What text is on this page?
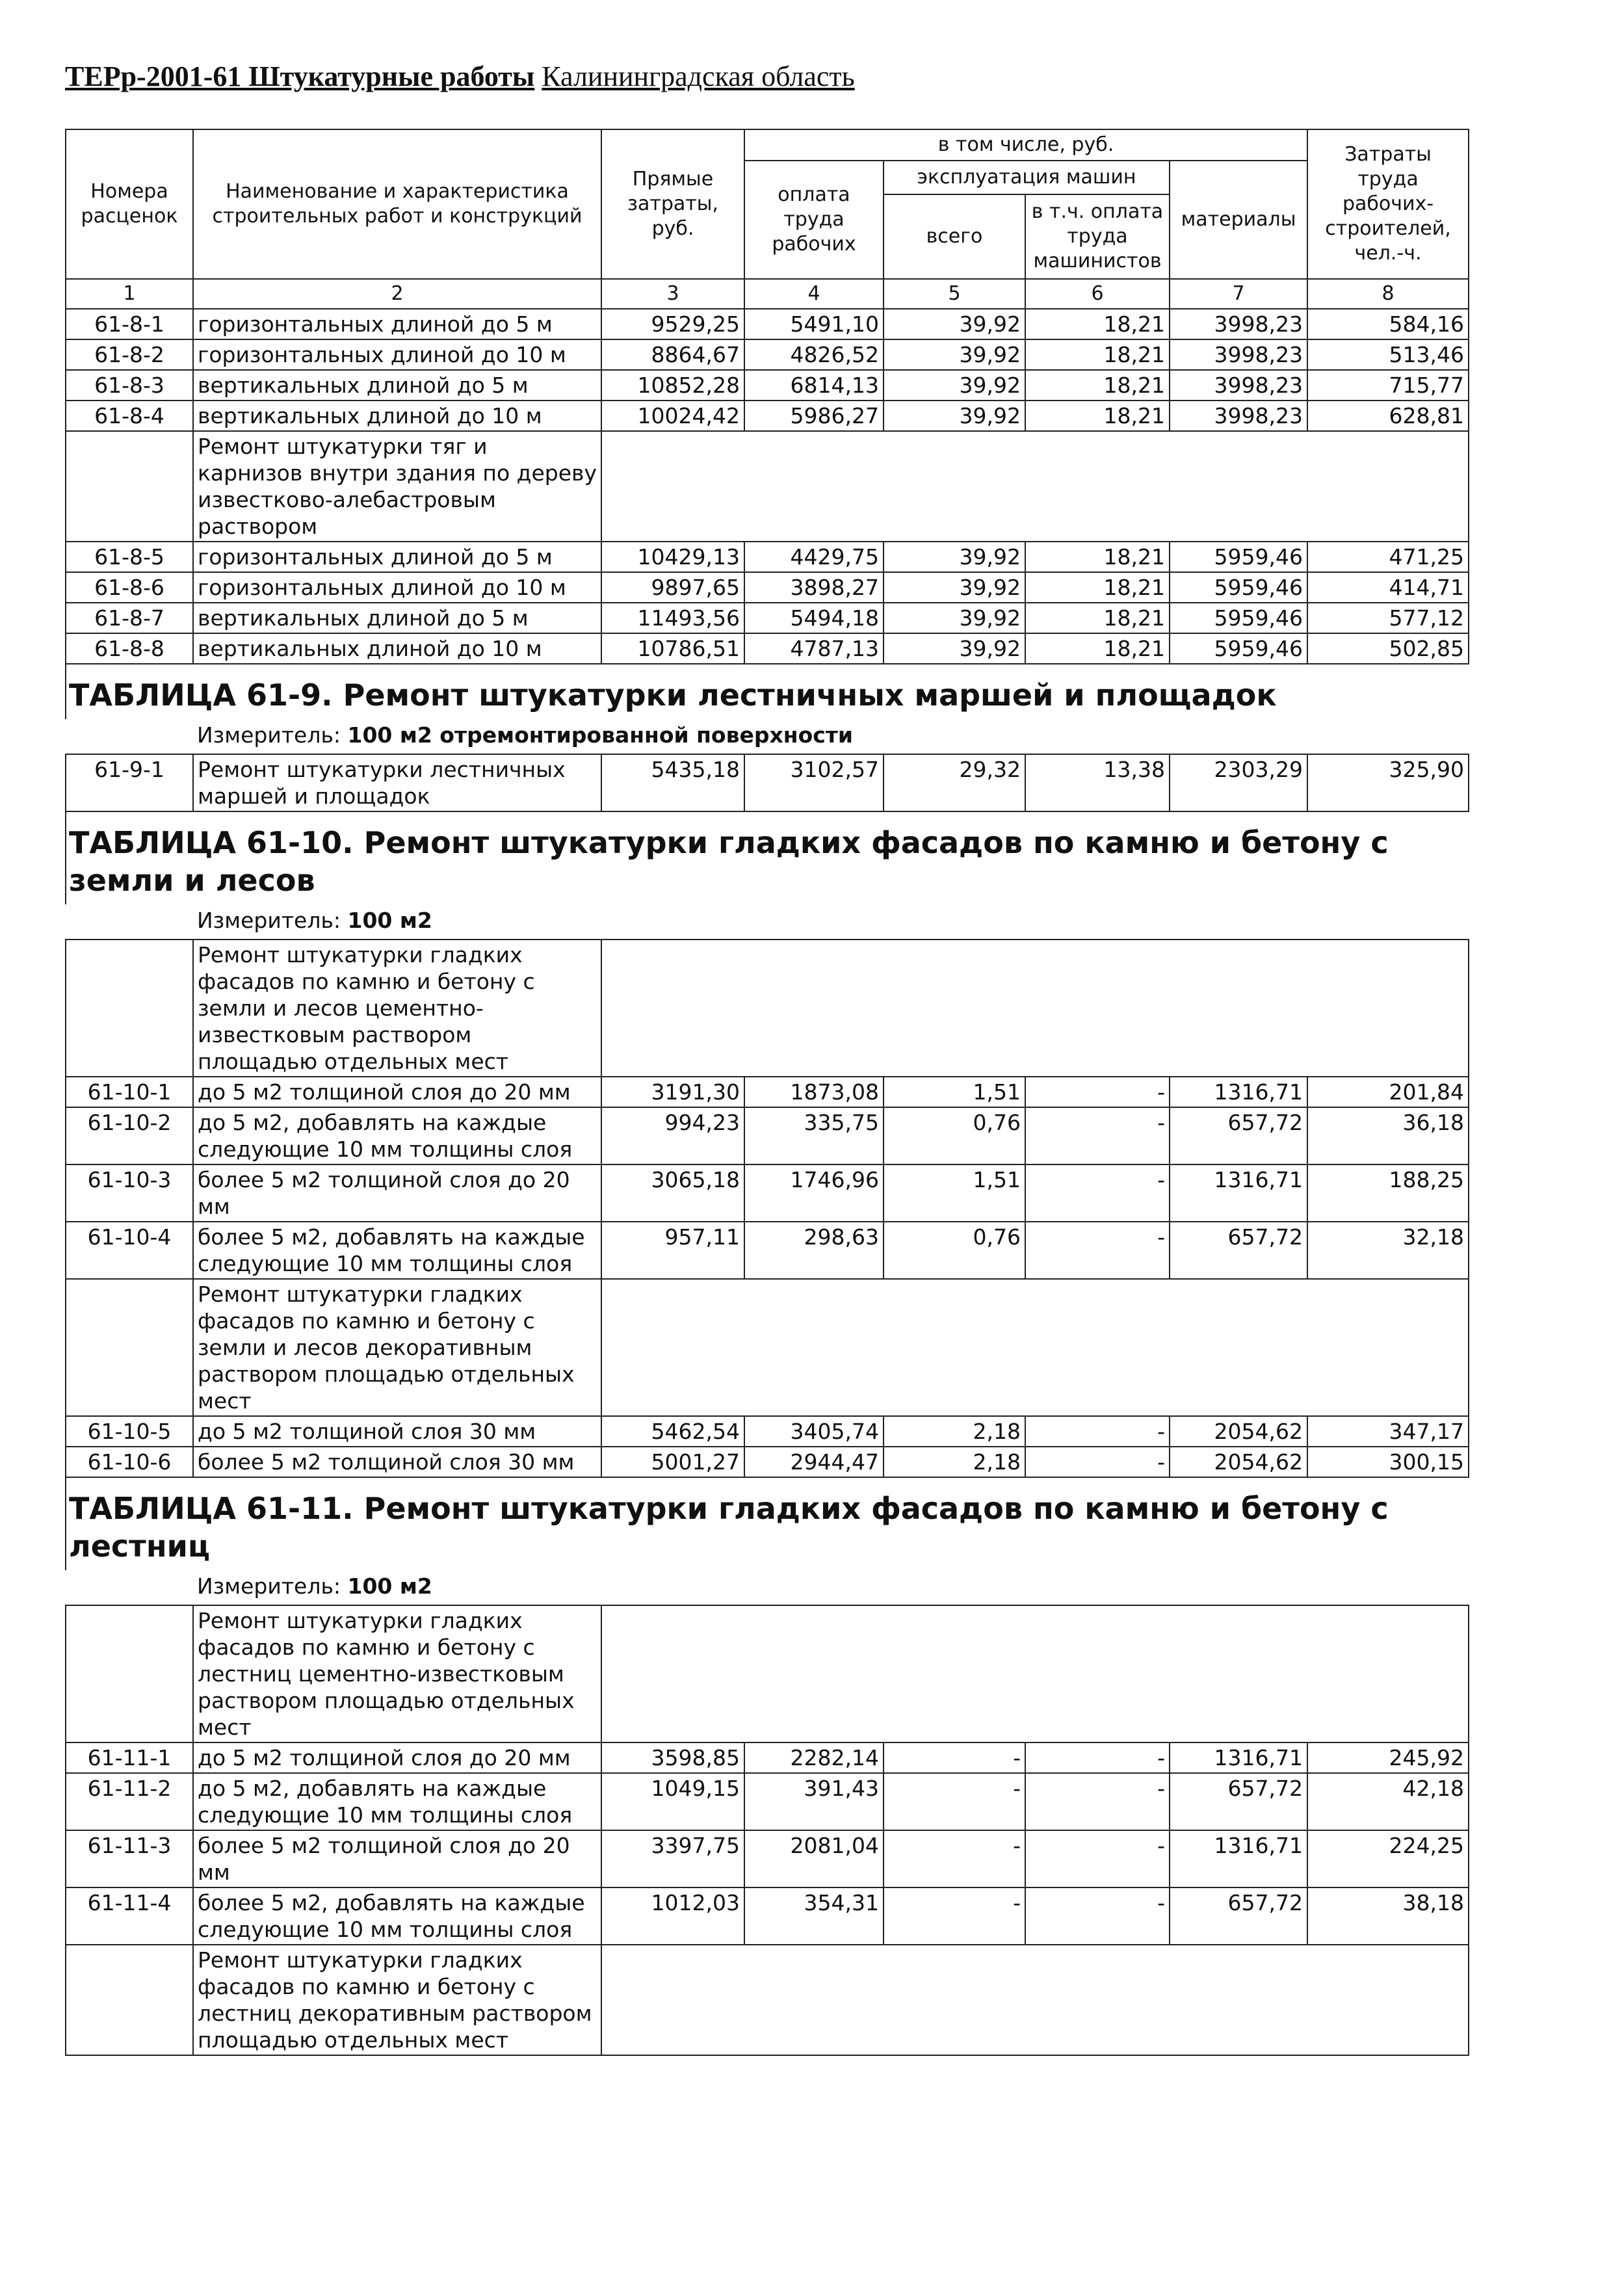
ТЕРр-2001-61 Штукатурные работы Калининградская область
Номера расценок	Наименование и характеристика строительных работ и конструкций	Прямые затраты, руб.	в том числе, руб.				Затраты труда рабочих-строителей, чел.-ч.
			оплата труда рабочих	эксплуатация машин		материалы	
				всего	в т.ч. оплата труда машинистов		
1	2	3	4	5	6	7	8
61-8-1	горизонтальных длиной до 5 м	9529,25	5491,10	39,92	18,21	3998,23	584,16
61-8-2	горизонтальных длиной до 10 м	8864,67	4826,52	39,92	18,21	3998,23	513,46
61-8-3	вертикальных длиной до 5 м	10852,28	6814,13	39,92	18,21	3998,23	715,77
61-8-4	вертикальных длиной до 10 м	10024,42	5986,27	39,92	18,21	3998,23	628,81
	Ремонт штукатурки тяг и карнизов внутри здания по дереву известково-алебастровым раствором						
61-8-5	горизонтальных длиной до 5 м	10429,13	4429,75	39,92	18,21	5959,46	471,25
61-8-6	горизонтальных длиной до 10 м	9897,65	3898,27	39,92	18,21	5959,46	414,71
61-8-7	вертикальных длиной до 5 м	11493,56	5494,18	39,92	18,21	5959,46	577,12
61-8-8	вертикальных длиной до 10 м	10786,51	4787,13	39,92	18,21	5959,46	502,85
ТАБЛИЦА 61-9. Ремонт штукатурки лестничных маршей и площадок							
	Измеритель: 100 м2 отремонтированной поверхности						
61-9-1	Ремонт штукатурки лестничных маршей и площадок	5435,18	3102,57	29,32	13,38	2303,29	325,90
ТАБЛИЦА 61-10. Ремонт штукатурки гладких фасадов по камню и бетону с земли и лесов							
	Измеритель: 100 м2						
	Ремонт штукатурки гладких фасадов по камню и бетону с земли и лесов цементно-известковым раствором площадью отдельных мест						
61-10-1	до 5 м2 толщиной слоя до 20 мм	3191,30	1873,08	1,51	-	1316,71	201,84
61-10-2	до 5 м2, добавлять на каждые следующие 10 мм толщины слоя	994,23	335,75	0,76	-	657,72	36,18
61-10-3	более 5 м2 толщиной слоя до 20 мм	3065,18	1746,96	1,51	-	1316,71	188,25
61-10-4	более 5 м2, добавлять на каждые следующие 10 мм толщины слоя	957,11	298,63	0,76	-	657,72	32,18
	Ремонт штукатурки гладких фасадов по камню и бетону с земли и лесов декоративным раствором площадью отдельных мест						
61-10-5	до 5 м2 толщиной слоя 30 мм	5462,54	3405,74	2,18	-	2054,62	347,17
61-10-6	более 5 м2 толщиной слоя 30 мм	5001,27	2944,47	2,18	-	2054,62	300,15
ТАБЛИЦА 61-11. Ремонт штукатурки гладких фасадов по камню и бетону с лестниц							
	Измеритель: 100 м2						
	Ремонт штукатурки гладких фасадов по камню и бетону с лестниц цементно-известковым раствором площадью отдельных мест						
61-11-1	до 5 м2 толщиной слоя до 20 мм	3598,85	2282,14	-	-	1316,71	245,92
61-11-2	до 5 м2, добавлять на каждые следующие 10 мм толщины слоя	1049,15	391,43	-	-	657,72	42,18
61-11-3	более 5 м2 толщиной слоя до 20 мм	3397,75	2081,04	-	-	1316,71	224,25
61-11-4	более 5 м2, добавлять на каждые следующие 10 мм толщины слоя	1012,03	354,31	-	-	657,72	38,18
	Ремонт штукатурки гладких фасадов по камню и бетону с лестниц декоративным раствором площадью отдельных мест						
